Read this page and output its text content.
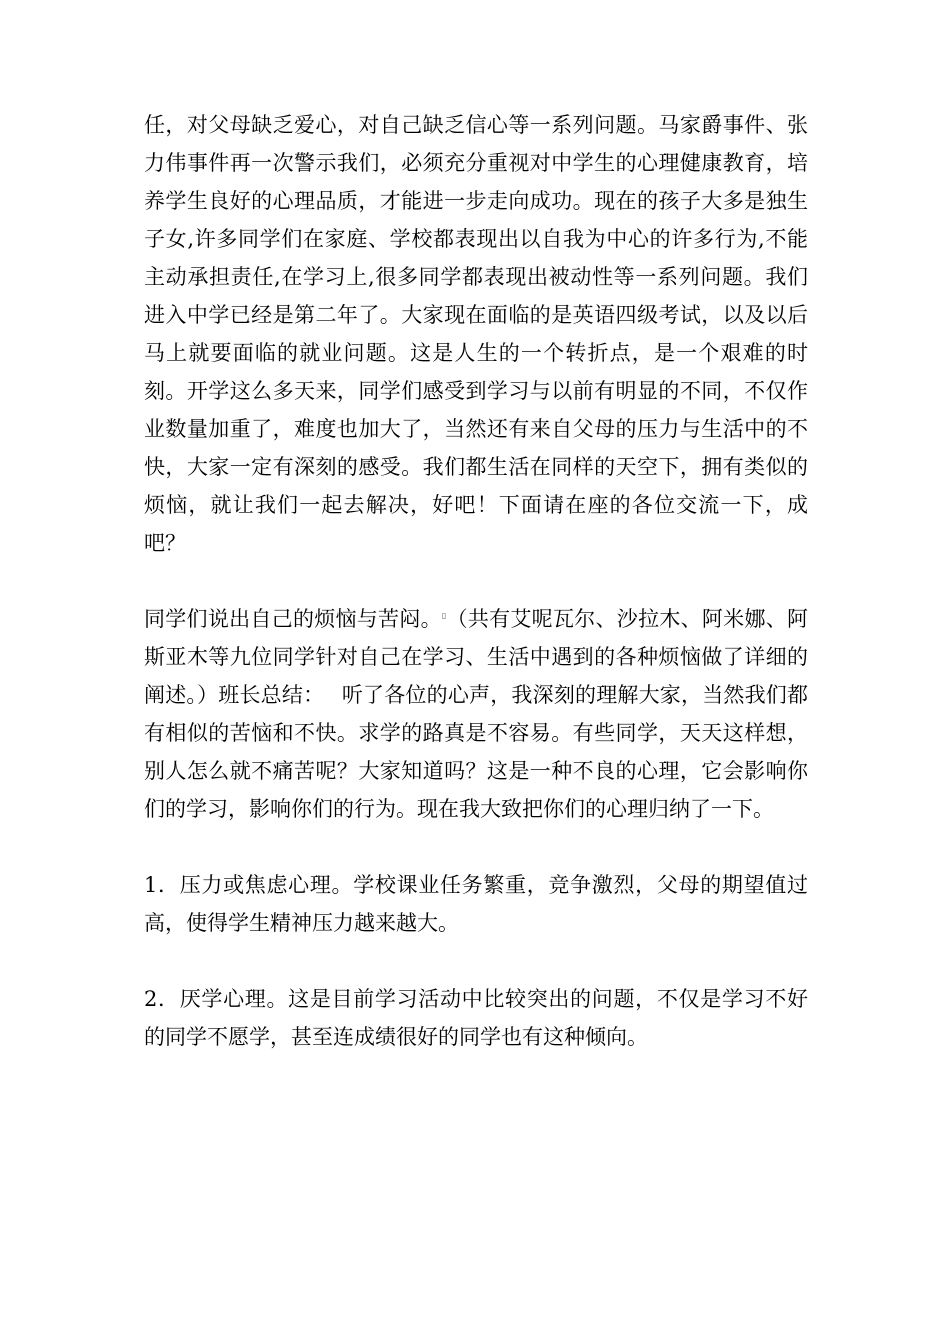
任，对父母缺乏爱心，对自己缺乏信心等一系列问题。马家爵事件、张力伟事件再一次警示我们，必须充分重视对中学生的心理健康教育，培养学生良好的心理品质，才能进一步走向成功。现在的孩子大多是独生子女,许多同学们在家庭、学校都表现出以自我为中心的许多行为,不能主动承担责任,在学习上,很多同学都表现出被动性等一系列问题。我们进入中学已经是第二年了。大家现在面临的是英语四级考试，以及以后马上就要面临的就业问题。这是人生的一个转折点，是一个艰难的时刻。开学这么多天来，同学们感受到学习与以前有明显的不同，不仅作业数量加重了，难度也加大了，当然还有来自父母的压力与生活中的不快，大家一定有深刻的感受。我们都生活在同样的天空下，拥有类似的烦恼，就让我们一起去解决，好吧！下面请在座的各位交流一下，成吧？

同学们说出自己的烦恼与苦闷。▯（共有艾呢瓦尔、沙拉木、阿米娜、阿斯亚木等九位同学针对自己在学习、生活中遇到的各种烦恼做了详细的阐述。）班长总结：　 听了各位的心声，我深刻的理解大家，当然我们都有相似的苦恼和不快。求学的路真是不容易。有些同学，天天这样想，别人怎么就不痛苦呢？大家知道吗？这是一种不良的心理，它会影响你们的学习，影响你们的行为。现在我大致把你们的心理归纳了一下。

1．压力或焦虑心理。学校课业任务繁重，竞争激烈，父母的期望值过高，使得学生精神压力越来越大。

2．厌学心理。这是目前学习活动中比较突出的问题，不仅是学习不好的同学不愿学，甚至连成绩很好的同学也有这种倾向。
